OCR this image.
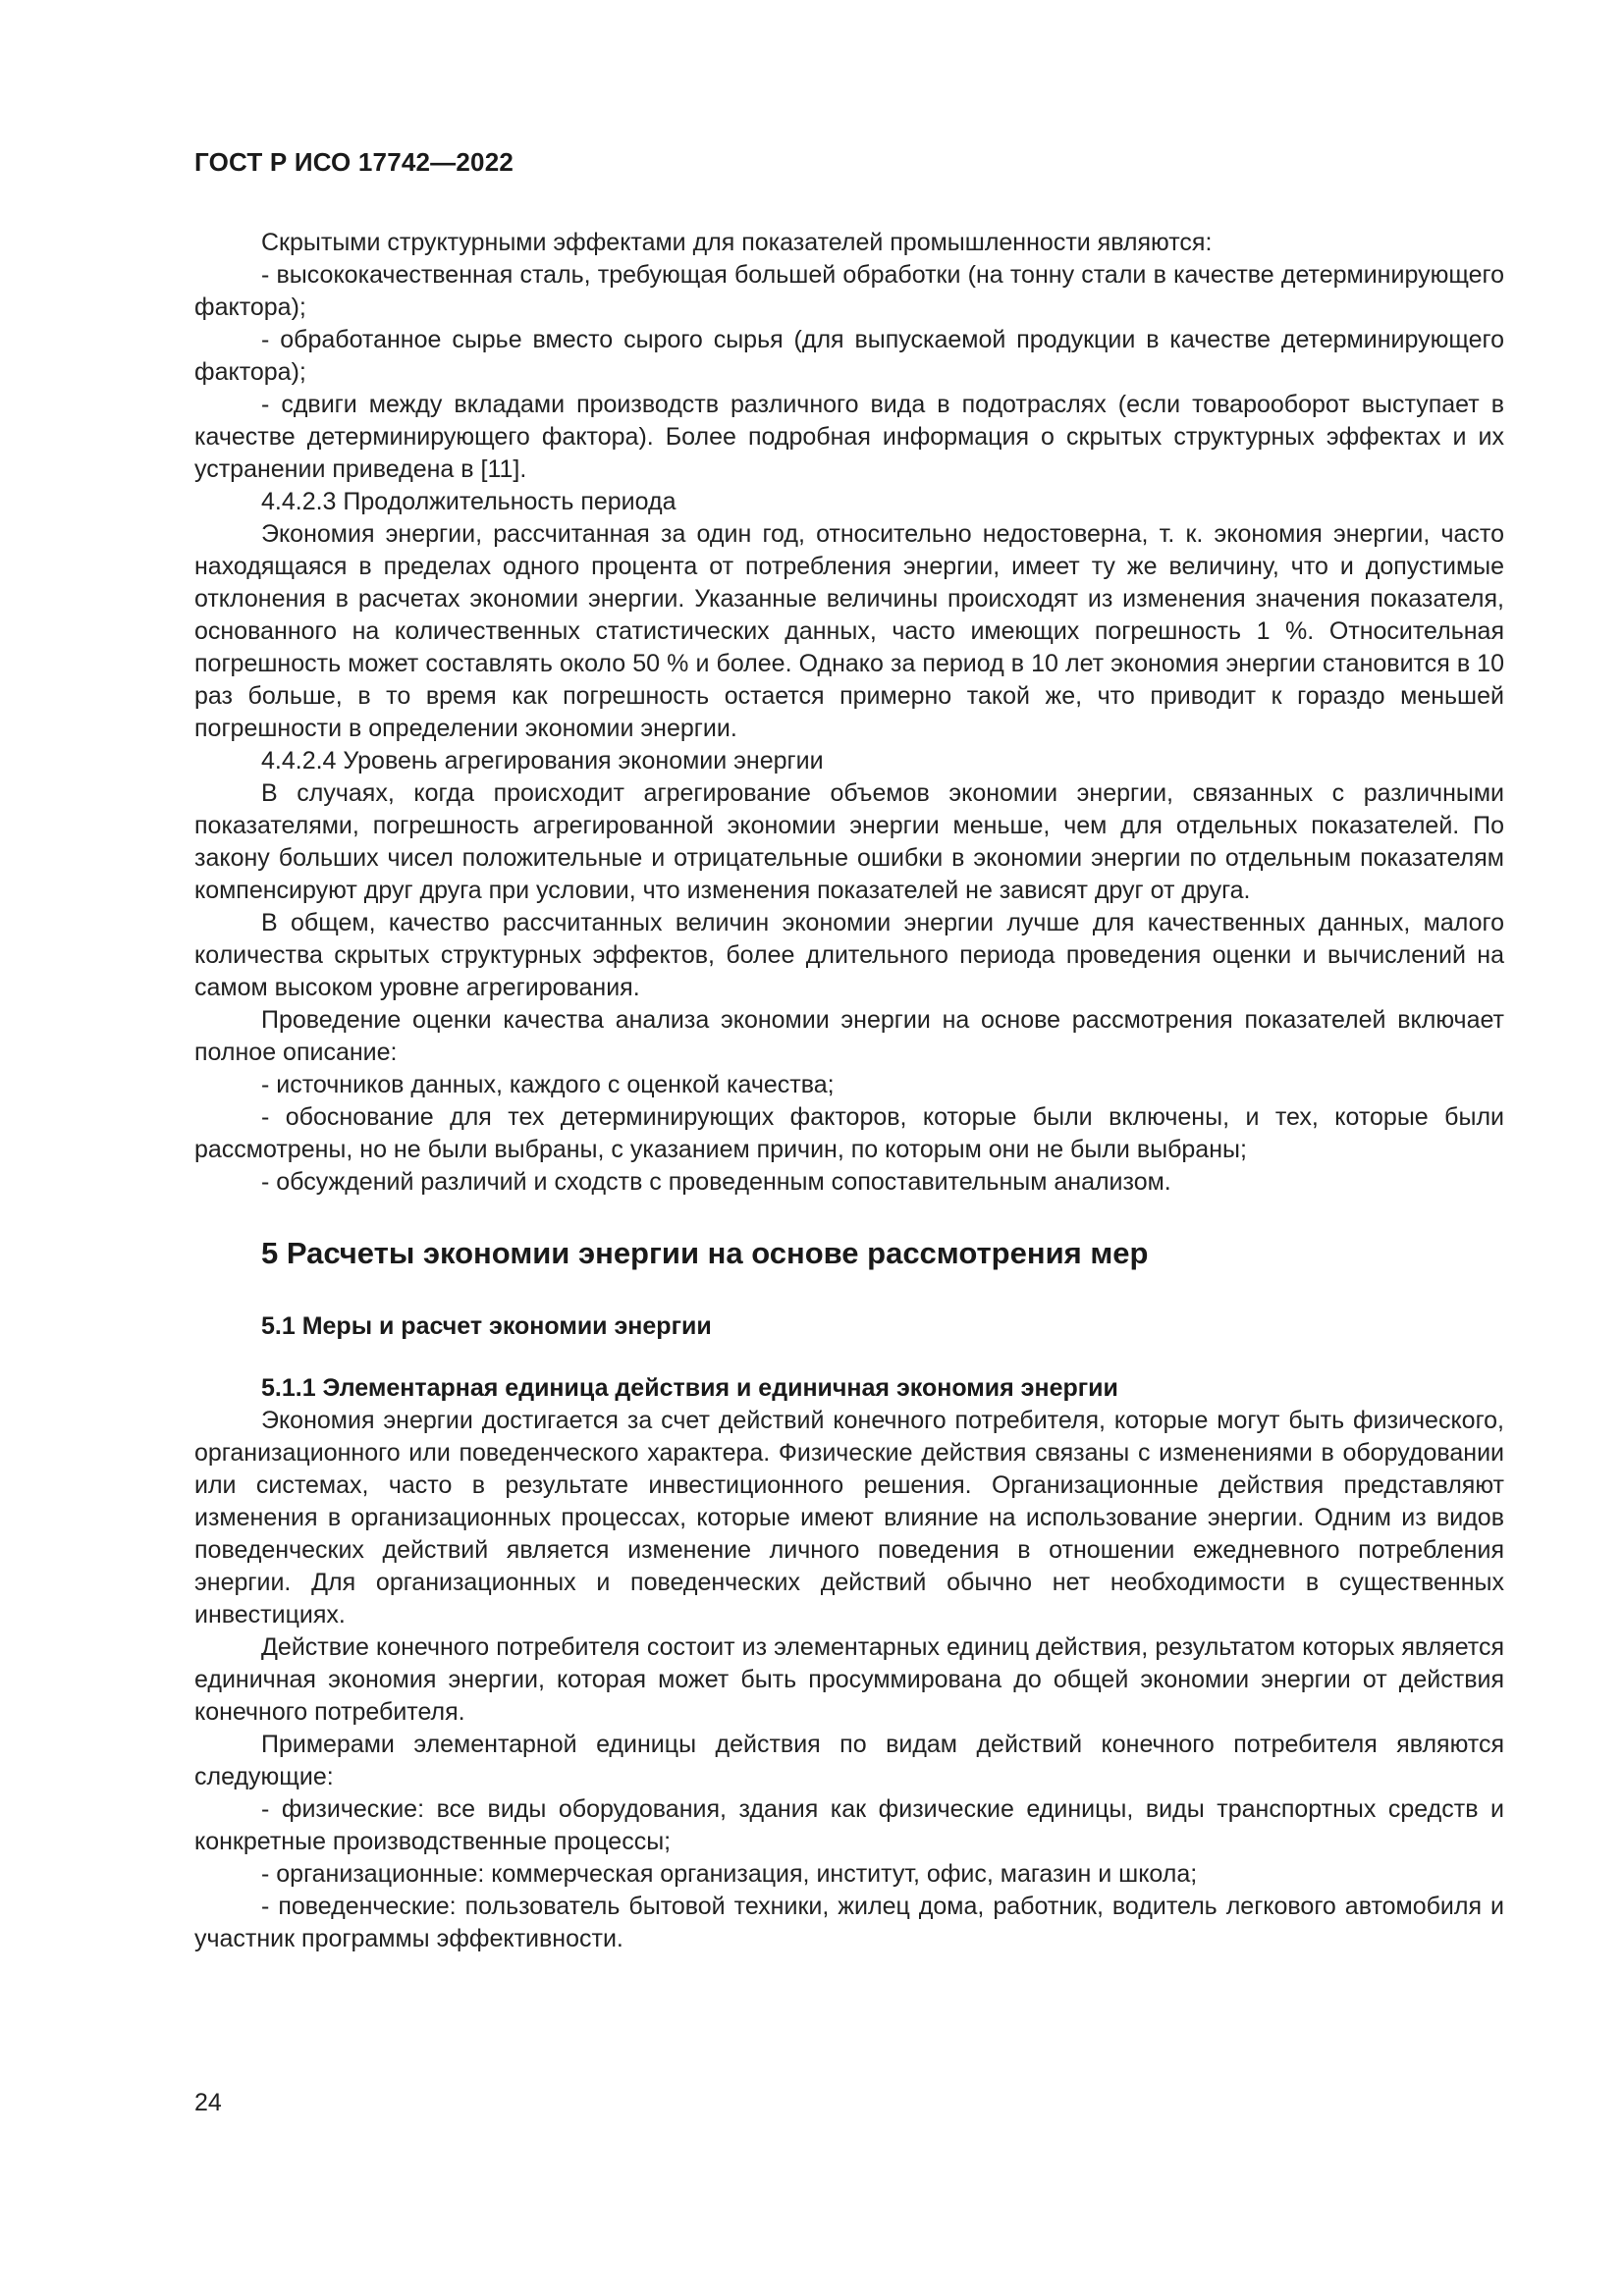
ГОСТ Р ИСО 17742—2022

Скрытыми структурными эффектами для показателей промышленности являются:

- высококачественная сталь, требующая большей обработки (на тонну стали в качестве детерминирующего фактора);

- обработанное сырье вместо сырого сырья (для выпускаемой продукции в качестве детерминирующего фактора);

- сдвиги между вкладами производств различного вида в подотраслях (если товарооборот выступает в качестве детерминирующего фактора). Более подробная информация о скрытых структурных эффектах и их устранении приведена в [11].

4.4.2.3 Продолжительность периода

Экономия энергии, рассчитанная за один год, относительно недостоверна, т. к. экономия энергии, часто находящаяся в пределах одного процента от потребления энергии, имеет ту же величину, что и допустимые отклонения в расчетах экономии энергии. Указанные величины происходят из изменения значения показателя, основанного на количественных статистических данных, часто имеющих погрешность 1 %. Относительная погрешность может составлять около 50 % и более. Однако за период в 10 лет экономия энергии становится в 10 раз больше, в то время как погрешность остается примерно такой же, что приводит к гораздо меньшей погрешности в определении экономии энергии.

4.4.2.4 Уровень агрегирования экономии энергии

В случаях, когда происходит агрегирование объемов экономии энергии, связанных с различными показателями, погрешность агрегированной экономии энергии меньше, чем для отдельных показателей. По закону больших чисел положительные и отрицательные ошибки в экономии энергии по отдельным показателям компенсируют друг друга при условии, что изменения показателей не зависят друг от друга.

В общем, качество рассчитанных величин экономии энергии лучше для качественных данных, малого количества скрытых структурных эффектов, более длительного периода проведения оценки и вычислений на самом высоком уровне агрегирования.

Проведение оценки качества анализа экономии энергии на основе рассмотрения показателей включает полное описание:

- источников данных, каждого с оценкой качества;

- обоснование для тех детерминирующих факторов, которые были включены, и тех, которые были рассмотрены, но не были выбраны, с указанием причин, по которым они не были выбраны;

- обсуждений различий и сходств с проведенным сопоставительным анализом.

5 Расчеты экономии энергии на основе рассмотрения мер
5.1 Меры и расчет экономии энергии
5.1.1 Элементарная единица действия и единичная экономия энергии

Экономия энергии достигается за счет действий конечного потребителя, которые могут быть физического, организационного или поведенческого характера. Физические действия связаны с изменениями в оборудовании или системах, часто в результате инвестиционного решения. Организационные действия представляют изменения в организационных процессах, которые имеют влияние на использование энергии. Одним из видов поведенческих действий является изменение личного поведения в отношении ежедневного потребления энергии. Для организационных и поведенческих действий обычно нет необходимости в существенных инвестициях.

Действие конечного потребителя состоит из элементарных единиц действия, результатом которых является единичная экономия энергии, которая может быть просуммирована до общей экономии энергии от действия конечного потребителя.

Примерами элементарной единицы действия по видам действий конечного потребителя являются следующие:

- физические: все виды оборудования, здания как физические единицы, виды транспортных средств и конкретные производственные процессы;

- организационные: коммерческая организация, институт, офис, магазин и школа;

- поведенческие: пользователь бытовой техники, жилец дома, работник, водитель легкового автомобиля и участник программы эффективности.

24
